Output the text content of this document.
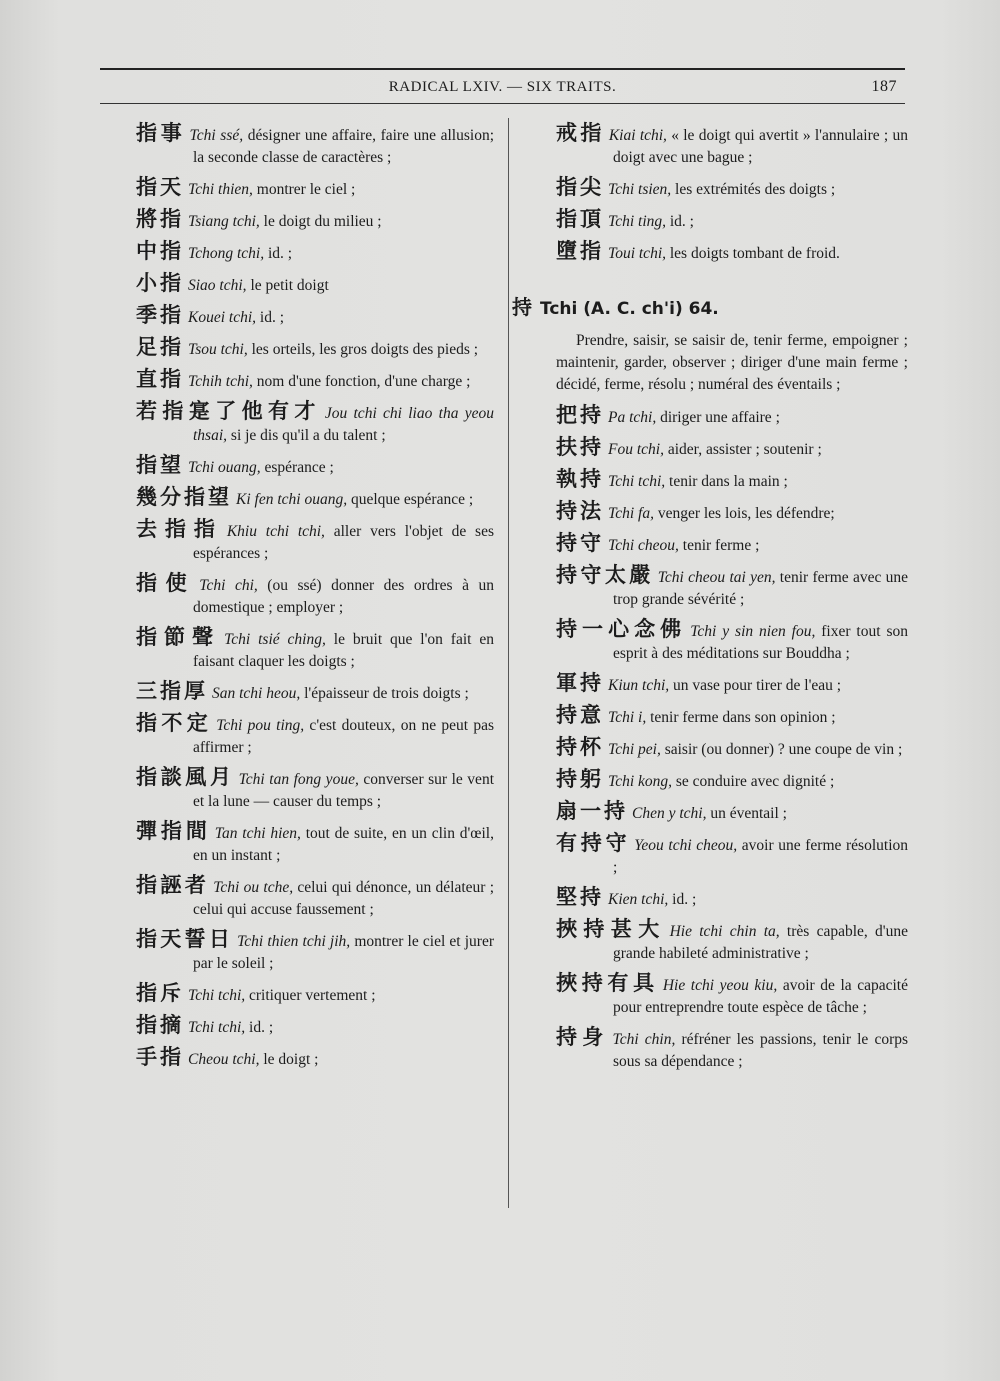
RADICAL LXIV. — SIX TRAITS.	187
指事 Tchi ssé, désigner une affaire, faire une allusion; la seconde classe de caractères ;
指天 Tchi thien, montrer le ciel ;
將指 Tsiang tchi, le doigt du milieu ;
中指 Tchong tchi, id. ;
小指 Siao tchi, le petit doigt
季指 Kouei tchi, id. ;
足指 Tsou tchi, les orteils, les gros doigts des pieds ;
直指 Tchih tchi, nom d'une fonction, d'une charge ;
若指寔了他有才 Jou tchi chi liao tha yeou thsai, si je dis qu'il a du talent ;
指望 Tchi ouang, espérance ;
幾分指望 Ki fen tchi ouang, quelque espérance ;
去指指 Khiu tchi tchi, aller vers l'objet de ses espérances ;
指使 Tchi chi, (ou ssé) donner des ordres à un domestique ; employer ;
指節聲 Tchi tsié ching, le bruit que l'on fait en faisant claquer les doigts ;
三指厚 San tchi heou, l'épaisseur de trois doigts ;
指不定 Tchi pou ting, c'est douteux, on ne peut pas affirmer ;
指談風月 Tchi tan fong youe, converser sur le vent et la lune — causer du temps ;
彈指間 Tan tchi hien, tout de suite, en un clin d'œil, en un instant ;
指誣者 Tchi ou tche, celui qui dénonce, un délateur ; celui qui accuse faussement ;
指天誓日 Tchi thien tchi jih, montrer le ciel et jurer par le soleil ;
指斥 Tchi tchi, critiquer vertement ;
指摘 Tchi tchi, id. ;
手指 Cheou tchi, le doigt ;
戒指 Kiai tchi, « le doigt qui avertit » l'annulaire ; un doigt avec une bague ;
指尖 Tchi tsien, les extrémités des doigts ;
指頂 Tchi ting, id. ;
墮指 Toui tchi, les doigts tombant de froid.
持 Tchi (A. C. ch'i) 64.
Prendre, saisir, se saisir de, tenir ferme, empoigner ; maintenir, garder, observer ; diriger d'une main ferme ; décidé, ferme, résolu ; numéral des éventails ;
把持 Pa tchi, diriger une affaire ;
扶持 Fou tchi, aider, assister ; soutenir ;
執持 Tchi tchi, tenir dans la main ;
持法 Tchi fa, venger les lois, les défendre;
持守 Tchi cheou, tenir ferme ;
持守太嚴 Tchi cheou tai yen, tenir ferme avec une trop grande sévérité ;
持一心念佛 Tchi y sin nien fou, fixer tout son esprit à des méditations sur Bouddha ;
軍持 Kiun tchi, un vase pour tirer de l'eau ;
持意 Tchi i, tenir ferme dans son opinion ;
持杯 Tchi pei, saisir (ou donner) ? une coupe de vin ;
持躬 Tchi kong, se conduire avec dignité ;
扇一持 Chen y tchi, un éventail ;
有持守 Yeou tchi cheou, avoir une ferme résolution ;
堅持 Kien tchi, id. ;
挾持甚大 Hie tchi chin ta, très capable, d'une grande habileté administrative ;
挾持有具 Hie tchi yeou kiu, avoir de la capacité pour entreprendre toute espèce de tâche ;
持身 Tchi chin, réfréner les passions, tenir le corps sous sa dépendance ;
